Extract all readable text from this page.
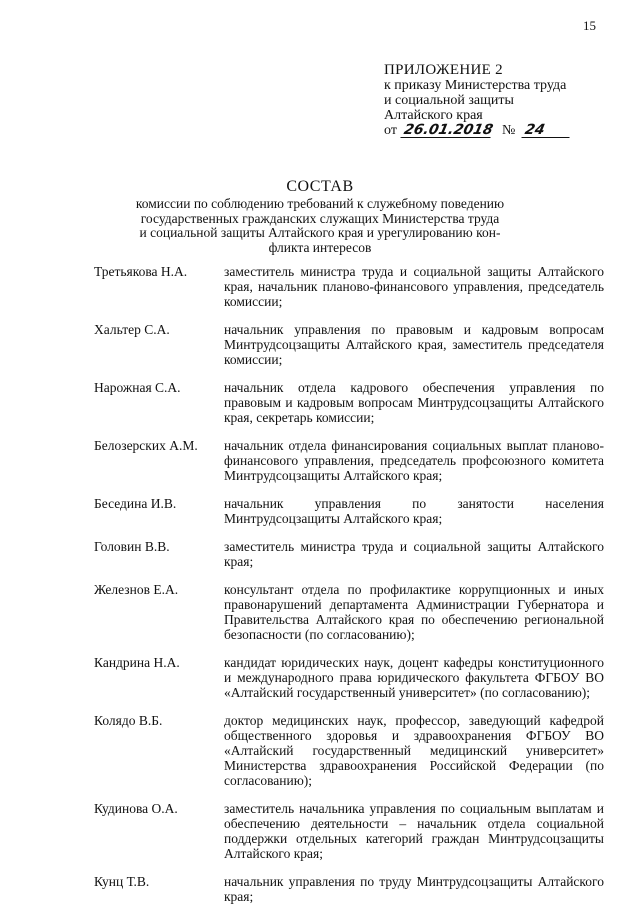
15
ПРИЛОЖЕНИЕ 2
к приказу Министерства труда
и социальной защиты
Алтайского края
от 26.01.2018 № 24
СОСТАВ
комиссии по соблюдению требований к служебному поведению
государственных гражданских служащих Министерства труда
и социальной защиты Алтайского края и урегулированию кон-
фликта интересов
Третьякова Н.А.	заместитель министра труда и социальной защиты Алтайского края, начальник планово-финансового управления, председатель комиссии;
Хальтер С.А.	начальник управления по правовым и кадровым вопросам Минтрудсоцзащиты Алтайского края, заместитель председателя комиссии;
Нарожная С.А.	начальник отдела кадрового обеспечения управления по правовым и кадровым вопросам Минтрудсоцзащиты Алтайского края, секретарь комиссии;
Белозерских А.М.	начальник отдела финансирования социальных выплат планово-финансового управления, председатель профсоюзного комитета Минтрудсоцзащиты Алтайского края;
Беседина И.В.	начальник управления по занятости населения Минтрудсоцзащиты Алтайского края;
Головин В.В.	заместитель министра труда и социальной защиты Алтайского края;
Железнов Е.А.	консультант отдела по профилактике коррупционных и иных правонарушений департамента Администрации Губернатора и Правительства Алтайского края по обеспечению региональной безопасности (по согласованию);
Кандрина Н.А.	кандидат юридических наук, доцент кафедры конституционного и международного права юридического факультета ФГБОУ ВО «Алтайский государственный университет» (по согласованию);
Колядо В.Б.	доктор медицинских наук, профессор, заведующий кафедрой общественного здоровья и здравоохранения ФГБОУ ВО «Алтайский государственный медицинский университет» Министерства здравоохранения Российской Федерации (по согласованию);
Кудинова О.А.	заместитель начальника управления по социальным выплатам и обеспечению деятельности – начальник отдела социальной поддержки отдельных категорий граждан Минтрудсоцзащиты Алтайского края;
Кунц Т.В.	начальник управления по труду Минтрудсоцзащиты Алтайского края;
